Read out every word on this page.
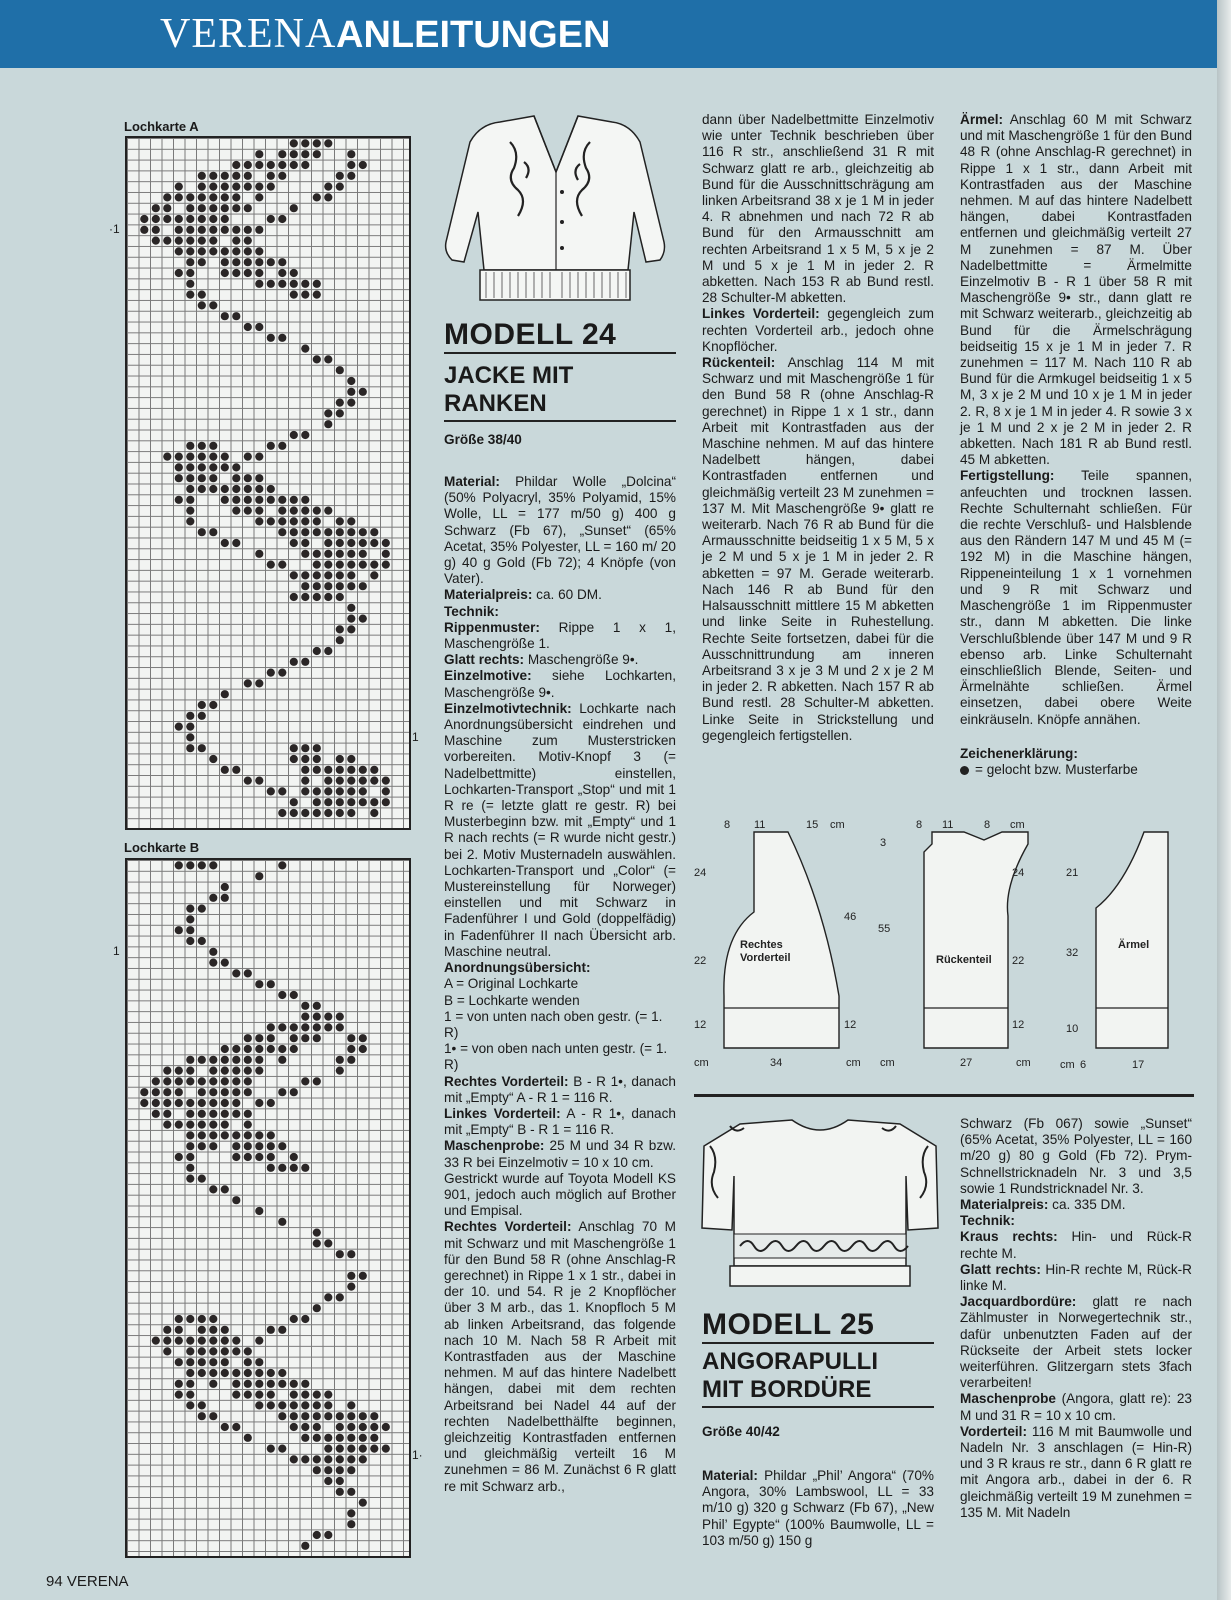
VERENA ANLEITUNGEN
Lochkarte A
·1
1
Lochkarte B
1
1·
MODELL 24
JACKE MIT
RANKEN
Größe 38/40

Material: Phildar Wolle „Dolcina“ (50% Polyacryl, 35% Polyamid, 15% Wolle, LL = 177 m/50 g) 400 g Schwarz (Fb 67), „Sunset“ (65% Acetat, 35% Polyester, LL = 160 m/ 20 g) 40 g Gold (Fb 72); 4 Knöpfe (von Vater).

Materialpreis: ca. 60 DM.

Technik:

Rippenmuster: Rippe 1 x 1, Maschengröße 1.

Glatt rechts: Maschengröße 9•.

Einzelmotive: siehe Lochkarten, Maschengröße 9•.

Einzelmotivtechnik: Lochkarte nach Anordnungsübersicht eindrehen und Maschine zum Musterstricken vorbereiten. Motiv-Knopf 3 (= Nadelbettmitte) einstellen, Lochkarten-Transport „Stop“ und mit 1 R re (= letzte glatt re gestr. R) bei Musterbeginn bzw. mit „Empty“ und 1 R nach rechts (= R wurde nicht gestr.) bei 2. Motiv Musternadeln auswählen. Lochkarten-Transport und „Color“ (= Mustereinstellung für Norweger) einstellen und mit Schwarz in Fadenführer I und Gold (doppelfädig) in Fadenführer II nach Übersicht arb. Maschine neutral.

Anordnungsübersicht:

A = Original Lochkarte

B = Lochkarte wenden

1 = von unten nach oben gestr. (= 1. R)

1• = von oben nach unten gestr. (= 1. R)

Rechtes Vorderteil: B - R 1•, danach mit „Empty“ A - R 1 = 116 R.

Linkes Vorderteil: A - R 1•, danach mit „Empty“ B - R 1 = 116 R.

Maschenprobe: 25 M und 34 R bzw. 33 R bei Einzelmotiv = 10 x 10 cm.

Gestrickt wurde auf Toyota Modell KS 901, jedoch auch möglich auf Brother und Empisal.

Rechtes Vorderteil: Anschlag 70 M mit Schwarz und mit Maschengröße 1 für den Bund 58 R (ohne Anschlag-R gerechnet) in Rippe 1 x 1 str., dabei in der 10. und 54. R je 2 Knopflöcher über 3 M arb., das 1. Knopfloch 5 M ab linken Arbeitsrand, das folgende nach 10 M. Nach 58 R Arbeit mit Kontrastfaden aus der Maschine nehmen. M auf das hintere Nadelbett hängen, dabei mit dem rechten Arbeitsrand bei Nadel 44 auf der rechten Nadelbetthälfte beginnen, gleichzeitig Kontrastfaden entfernen und gleichmäßig verteilt 16 M zunehmen = 86 M. Zunächst 6 R glatt re mit Schwarz arb.,

dann über Nadelbettmitte Einzelmotiv wie unter Technik beschrieben über 116 R str., anschließend 31 R mit Schwarz glatt re arb., gleichzeitig ab Bund für die Ausschnittschrägung am linken Arbeitsrand 38 x je 1 M in jeder 4. R abnehmen und nach 72 R ab Bund für den Armausschnitt am rechten Arbeitsrand 1 x 5 M, 5 x je 2 M und 5 x je 1 M in jeder 2. R abketten. Nach 153 R ab Bund restl. 28 Schulter-M abketten.

Linkes Vorderteil: gegengleich zum rechten Vorderteil arb., jedoch ohne Knopflöcher.

Rückenteil: Anschlag 114 M mit Schwarz und mit Maschengröße 1 für den Bund 58 R (ohne Anschlag-R gerechnet) in Rippe 1 x 1 str., dann Arbeit mit Kontrastfaden aus der Maschine nehmen. M auf das hintere Nadelbett hängen, dabei Kontrastfaden entfernen und gleichmäßig verteilt 23 M zunehmen = 137 M. Mit Maschengröße 9• glatt re weiterarb. Nach 76 R ab Bund für die Armausschnitte beidseitig 1 x 5 M, 5 x je 2 M und 5 x je 1 M in jeder 2. R abketten = 97 M. Gerade weiterarb. Nach 146 R ab Bund für den Halsausschnitt mittlere 15 M abketten und linke Seite in Ruhestellung. Rechte Seite fortsetzen, dabei für die Ausschnittrundung am inneren Arbeitsrand 3 x je 3 M und 2 x je 2 M in jeder 2. R abketten. Nach 157 R ab Bund restl. 28 Schulter-M abketten. Linke Seite in Strickstellung und gegengleich fertigstellen.

Ärmel: Anschlag 60 M mit Schwarz und mit Maschengröße 1 für den Bund 48 R (ohne Anschlag-R gerechnet) in Rippe 1 x 1 str., dann Arbeit mit Kontrastfaden aus der Maschine nehmen. M auf das hintere Nadelbett hängen, dabei Kontrastfaden entfernen und gleichmäßig verteilt 27 M zunehmen = 87 M. Über Nadelbettmitte = Ärmelmitte Einzelmotiv B - R 1 über 58 R mit Maschengröße 9• str., dann glatt re mit Schwarz weiterarb., gleichzeitig ab Bund für die Ärmelschrägung beidseitig 15 x je 1 M in jeder 7. R zunehmen = 117 M. Nach 110 R ab Bund für die Armkugel beidseitig 1 x 5 M, 3 x je 2 M und 10 x je 1 M in jeder 2. R, 8 x je 1 M in jeder 4. R sowie 3 x je 1 M und 2 x je 2 M in jeder 2. R abketten. Nach 181 R ab Bund restl. 45 M abketten.

Fertigstellung: Teile spannen, anfeuchten und trocknen lassen. Rechte Schulternaht schließen. Für die rechte Verschluß- und Halsblende aus den Rändern 147 M und 45 M (= 192 M) in die Maschine hängen, Rippeneinteilung 1 x 1 vornehmen und 9 R mit Schwarz und Maschengröße 1 im Rippenmuster str., dann M abketten. Die linke Verschlußblende über 147 M und 9 R ebenso arb. Linke Schulternaht einschließlich Blende, Seiten- und Ärmelnähte schließen. Ärmel einsetzen, dabei obere Weite einkräuseln. Knöpfe annähen.

Zeichenerklärung:

= gelocht bzw. Musterfarbe

8 11	15 cm
24
22
12
46
12
34
cm	cm
Rechtes
Vorderteil
8 11	8 cm
3
55
24
22
12
27
cm	cm
Rückenteil
21
32
10
6	17
cm
Ärmel
MODELL 25
ANGORAPULLI
MIT BORDÜRE
Größe 40/42

Material: Phildar „Phil’ Angora“ (70% Angora, 30% Lambswool, LL = 33 m/10 g) 320 g Schwarz (Fb 67), „New Phil’ Egypte“ (100% Baumwolle, LL = 103 m/50 g) 150 g

Schwarz (Fb 067) sowie „Sunset“ (65% Acetat, 35% Polyester, LL = 160 m/20 g) 80 g Gold (Fb 72). Prym-Schnellstricknadeln Nr. 3 und 3,5 sowie 1 Rundstricknadel Nr. 3.

Materialpreis: ca. 335 DM.

Technik:

Kraus rechts: Hin- und Rück-R rechte M.

Glatt rechts: Hin-R rechte M, Rück-R linke M.

Jacquardbordüre: glatt re nach Zählmuster in Norwegertechnik str., dafür unbenutzten Faden auf der Rückseite der Arbeit stets locker weiterführen. Glitzergarn stets 3fach verarbeiten!

Maschenprobe (Angora, glatt re): 23 M und 31 R = 10 x 10 cm.

Vorderteil: 116 M mit Baumwolle und Nadeln Nr. 3 anschlagen (= Hin-R) und 3 R kraus re str., dann 6 R glatt re mit Angora arb., dabei in der 6. R gleichmäßig verteilt 19 M zunehmen = 135 M. Mit Nadeln

94 VERENA
